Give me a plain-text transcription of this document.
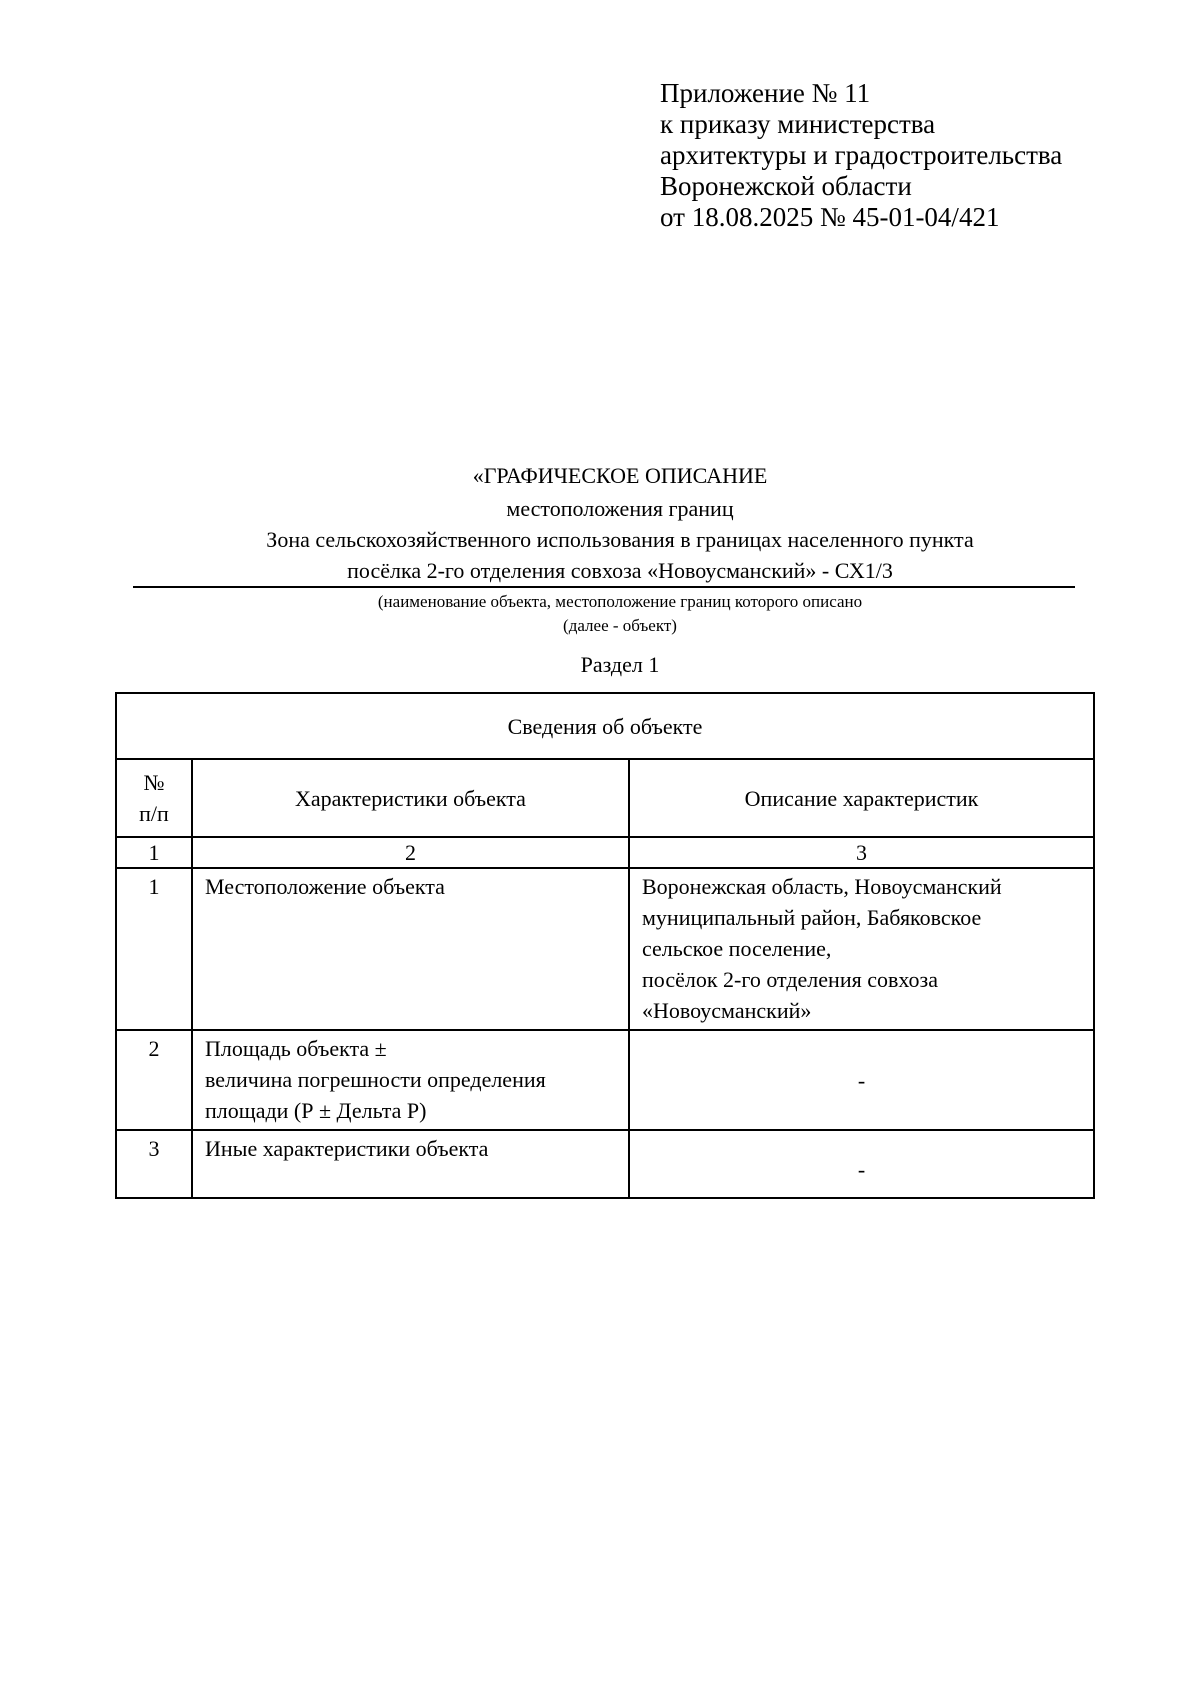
Приложение № 11
к приказу министерства
архитектуры и градостроительства
Воронежской области
от 18.08.2025 № 45-01-04/421
«ГРАФИЧЕСКОЕ ОПИСАНИЕ
местоположения границ
Зона сельскохозяйственного использования в границах населенного пункта
посёлка 2-го отделения совхоза «Новоусманский» - СХ1/3
(наименование объекта, местоположение границ которого описано
(далее - объект)
Раздел 1
Сведения об объекте		

№
п/п	Характеристики объекта	Описание характеристик
1	2	3
1	Местоположение объекта	Воронежская область, Новоусманский
муниципальный район, Бабяковское
сельское поселение,
посёлок 2-го отделения совхоза
«Новоусманский»

2	Площадь объекта ±
величина погрешности определения
площади (Р ± Дельта Р)	-

3	Иные характеристики объекта	-
